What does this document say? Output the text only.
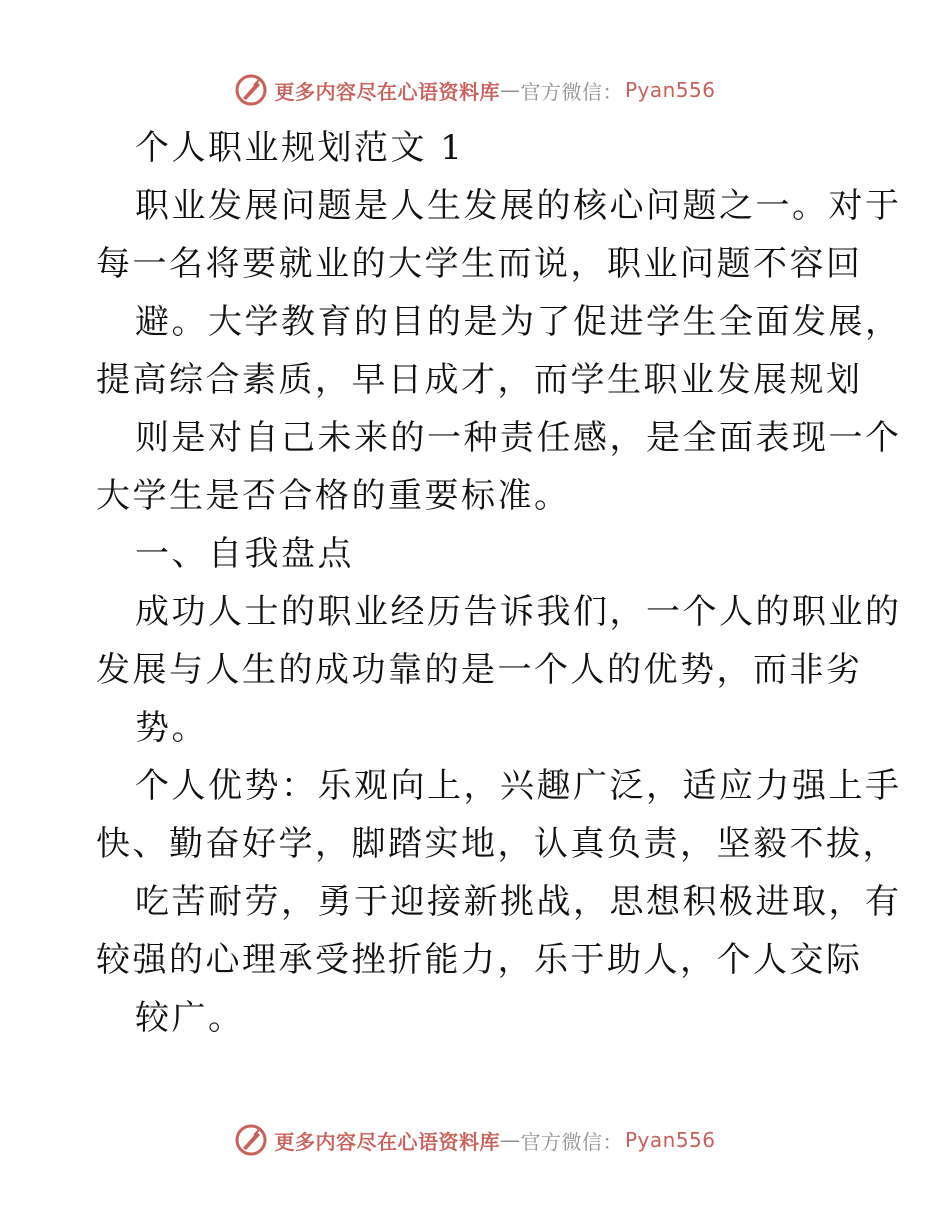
更多内容尽在心语资料库 — 官方微信： Pyan556
个人职业规划范文 1
职业发展问题是人生发展的核心问题之一。对于
每一名将要就业的大学生而说，职业问题不容回
避。大学教育的目的是为了促进学生全面发展，
提高综合素质，早日成才，而学生职业发展规划
则是对自己未来的一种责任感，是全面表现一个
大学生是否合格的重要标准。
一、自我盘点
成功人士的职业经历告诉我们，一个人的职业的
发展与人生的成功靠的是一个人的优势，而非劣
势。
个人优势：乐观向上，兴趣广泛，适应力强上手
快、勤奋好学，脚踏实地，认真负责，坚毅不拔，
吃苦耐劳，勇于迎接新挑战，思想积极进取，有
较强的心理承受挫折能力，乐于助人，个人交际
较广。
更多内容尽在心语资料库 — 官方微信： Pyan556
